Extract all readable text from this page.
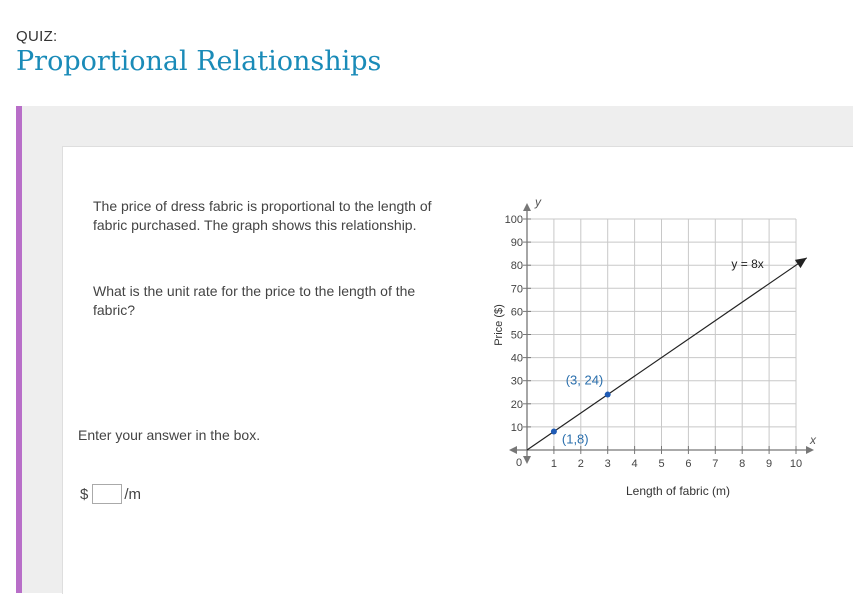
QUIZ:
Proportional Relationships
The price of dress fabric is proportional to the length of fabric purchased. The graph shows this relationship.
What is the unit rate for the price to the length of the fabric?
Enter your answer in the box.
$ /m
1 2 3 4 5 6 7 8 9 10
10
20
30
40
50
60
70
80
90
100
y = 8x
(1,8)
(3, 24)
Price ($)
Length of fabric (m)
y
x
0
